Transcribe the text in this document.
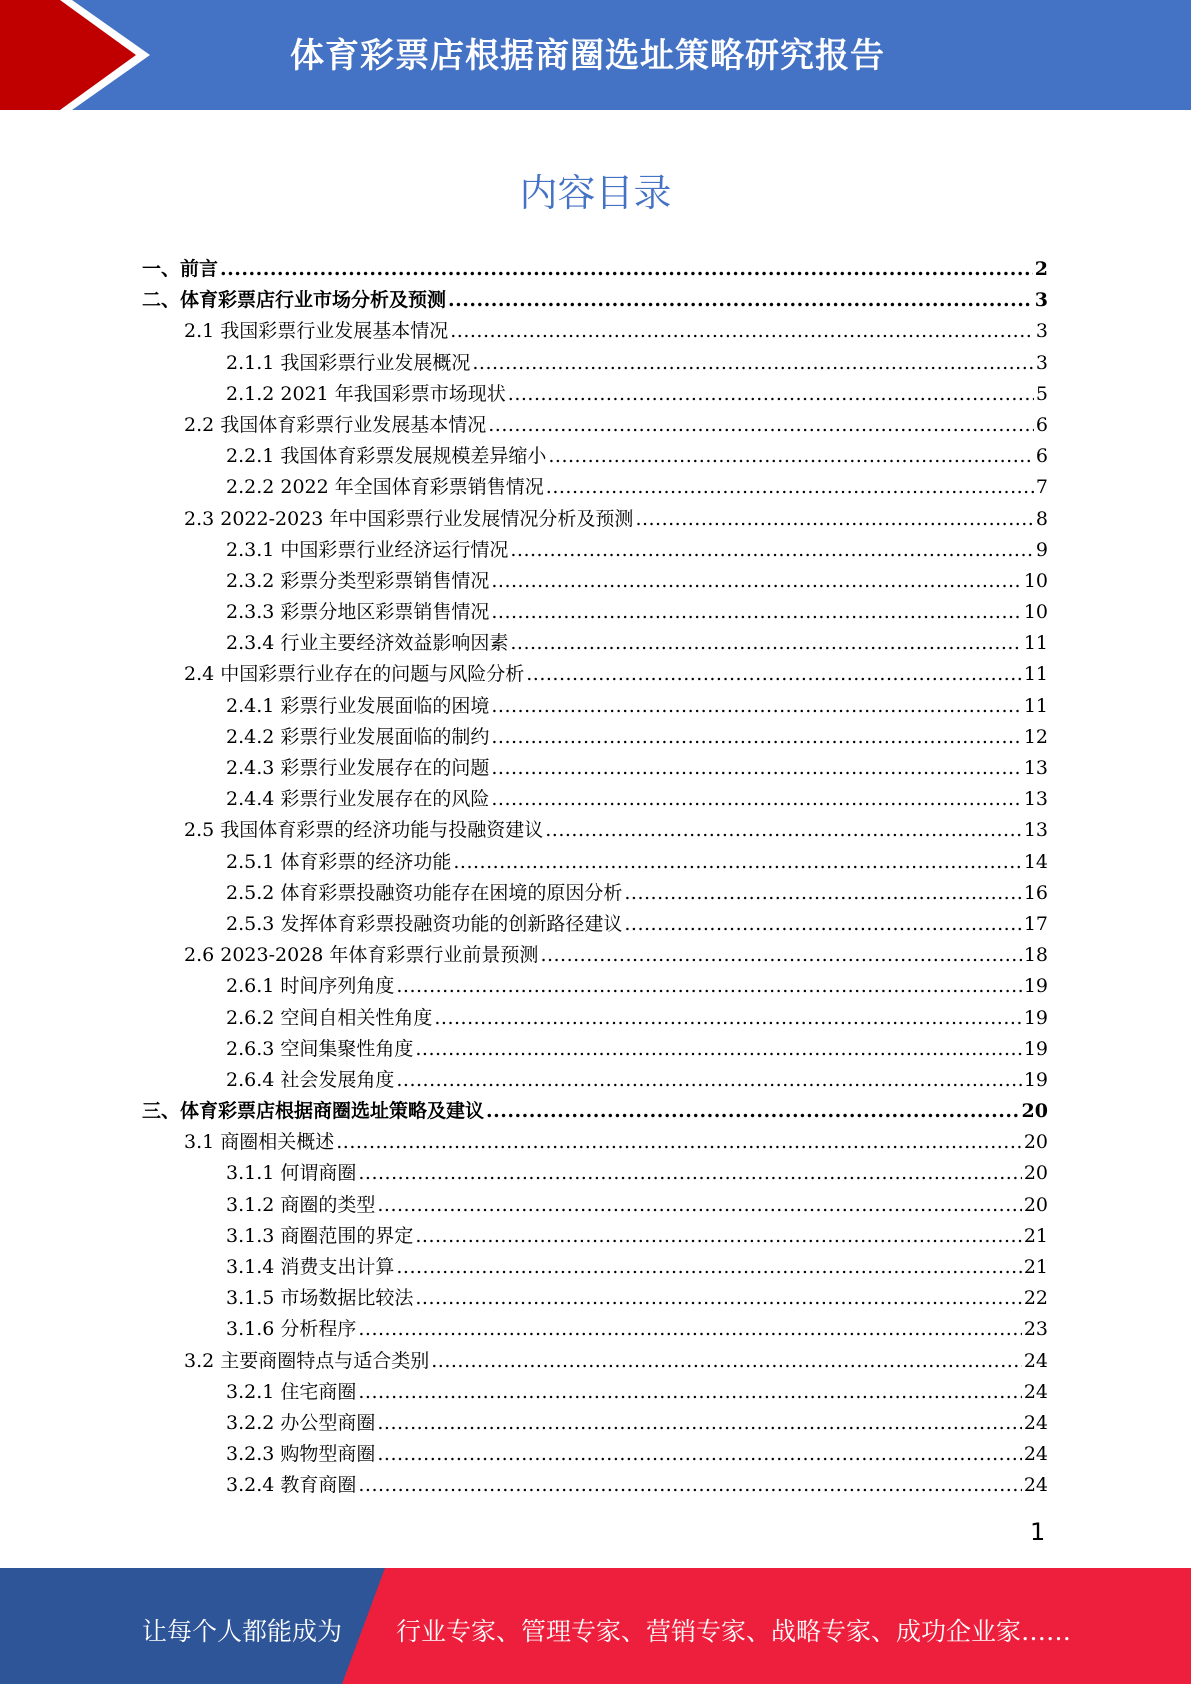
体育彩票店根据商圈选址策略研究报告
内容目录
一、前言 .....	2
二、体育彩票店行业市场分析及预测 .....	3
2.1 我国彩票行业发展基本情况 .....	3
2.1.1 我国彩票行业发展概况 .....	3
2.1.2 2021 年我国彩票市场现状 .....	5
2.2 我国体育彩票行业发展基本情况 .....	6
2.2.1 我国体育彩票发展规模差异缩小 .....	6
2.2.2 2022 年全国体育彩票销售情况 .....	7
2.3 2022-2023 年中国彩票行业发展情况分析及预测 .....	8
2.3.1 中国彩票行业经济运行情况 .....	9
2.3.2 彩票分类型彩票销售情况 .....	10
2.3.3 彩票分地区彩票销售情况 .....	10
2.3.4 行业主要经济效益影响因素 .....	11
2.4 中国彩票行业存在的问题与风险分析 .....	11
2.4.1 彩票行业发展面临的困境 .....	11
2.4.2 彩票行业发展面临的制约 .....	12
2.4.3 彩票行业发展存在的问题 .....	13
2.4.4 彩票行业发展存在的风险 .....	13
2.5 我国体育彩票的经济功能与投融资建议 .....	13
2.5.1 体育彩票的经济功能 .....	14
2.5.2 体育彩票投融资功能存在困境的原因分析 .....	16
2.5.3 发挥体育彩票投融资功能的创新路径建议 .....	17
2.6 2023-2028 年体育彩票行业前景预测 .....	18
2.6.1 时间序列角度 .....	19
2.6.2 空间自相关性角度 .....	19
2.6.3 空间集聚性角度 .....	19
2.6.4 社会发展角度 .....	19
三、体育彩票店根据商圈选址策略及建议 .....	20
3.1 商圈相关概述 .....	20
3.1.1 何谓商圈 .....	20
3.1.2 商圈的类型 .....	20
3.1.3 商圈范围的界定 .....	21
3.1.4 消费支出计算 .....	21
3.1.5 市场数据比较法 .....	22
3.1.6 分析程序 .....	23
3.2 主要商圈特点与适合类别 .....	24
3.2.1 住宅商圈 .....	24
3.2.2 办公型商圈 .....	24
3.2.3 购物型商圈 .....	24
3.2.4 教育商圈 .....	24
1
让每个人都能成为 行业专家、管理专家、营销专家、战略专家、成功企业家……
